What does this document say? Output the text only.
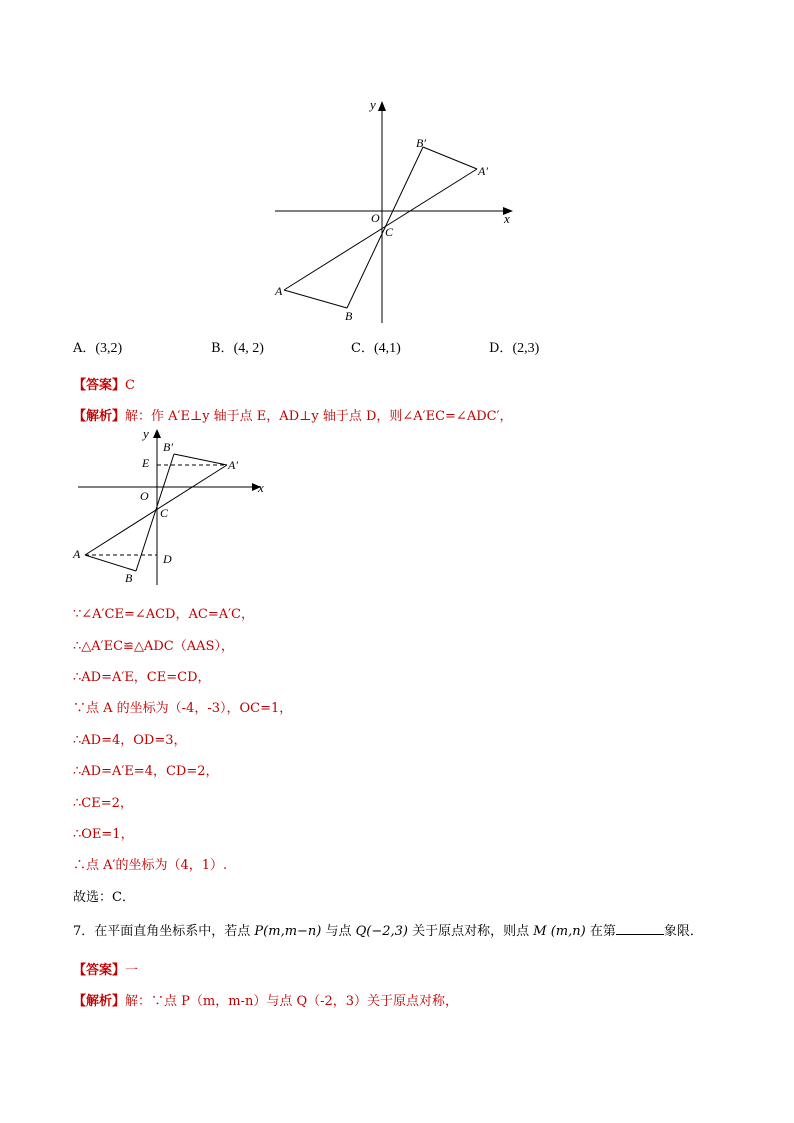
y
x
O
C
A
B
A′
B′
A．(3,2)	B．(4, 2)	C．(4,1)	D．(2,3)
【答案】C
【解析】解：作 A′E⊥y 轴于点 E，AD⊥y 轴于点 D，则∠A′EC=∠ADC′，
y
x
O
C
E
D
A
B
A′
B′
∵∠A′CE=∠ACD，AC=A′C，
∴△A′EC≌△ADC（AAS），
∴AD=A′E，CE=CD，
∵点 A 的坐标为（-4，-3），OC=1，
∴AD=4，OD=3，
∴AD=A′E=4，CD=2，
∴CE=2，
∴OE=1，
∴点 A′的坐标为（4，1）.
故选：C．
7．在平面直角坐标系中，若点 P(m,m−n) 与点 Q(−2,3) 关于原点对称，则点 M (m,n) 在第	象限．
【答案】一
【解析】解：∵点 P（m，m-n）与点 Q（-2，3）关于原点对称，
